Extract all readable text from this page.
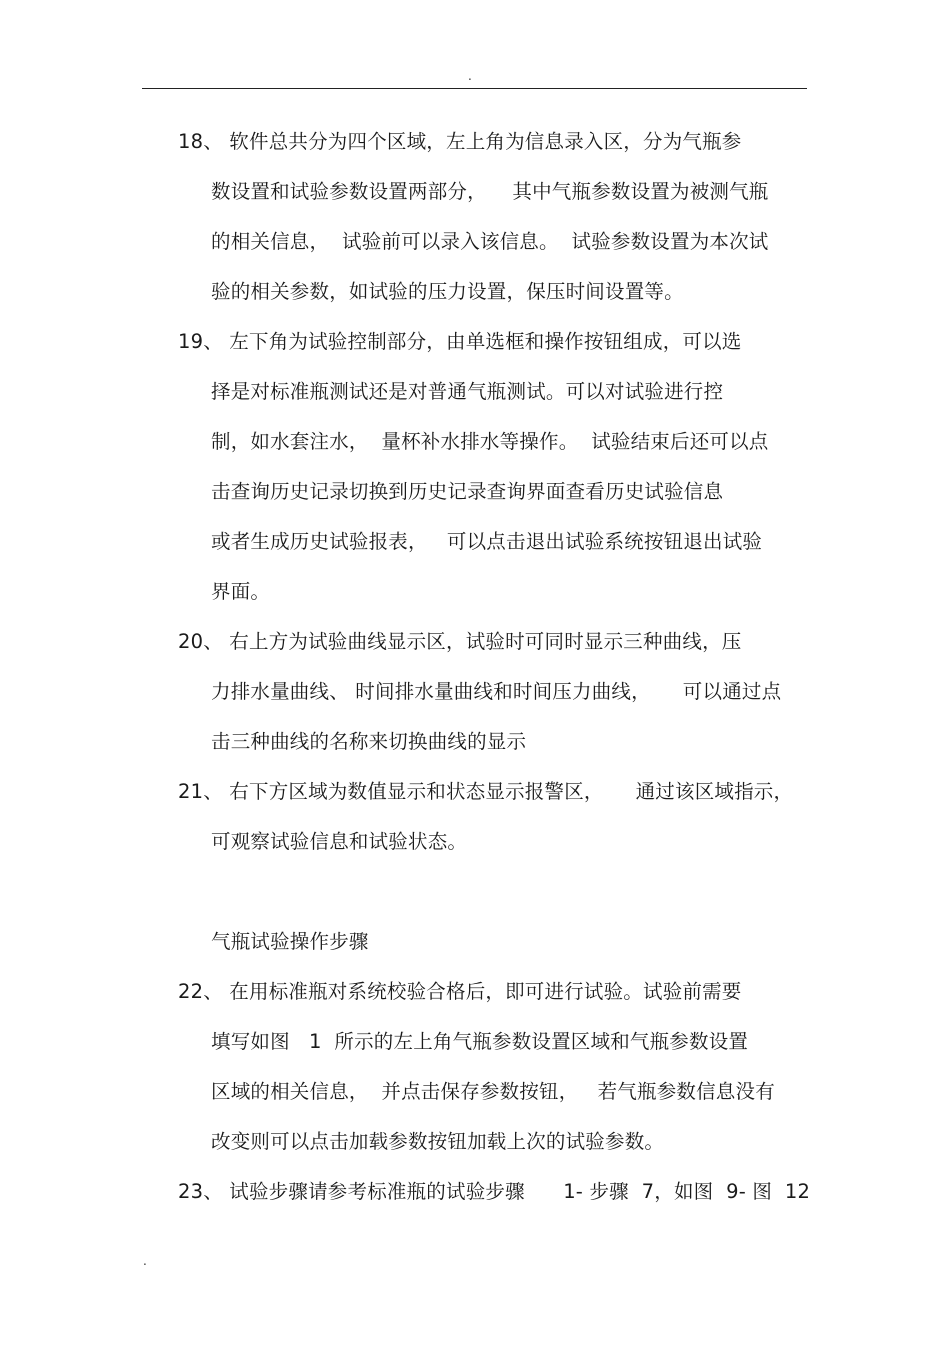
.
18、 软件总共分为四个区域，左上角为信息录入区，分为气瓶参
数设置和试验参数设置两部分，    其中气瓶参数设置为被测气瓶
的相关信息，  试验前可以录入该信息。  试验参数设置为本次试
验的相关参数，如试验的压力设置，保压时间设置等。
19、 左下角为试验控制部分，由单选框和操作按钮组成，可以选
择是对标准瓶测试还是对普通气瓶测试。可以对试验进行控
制，如水套注水，  量杯补水排水等操作。  试验结束后还可以点
击查询历史记录切换到历史记录查询界面查看历史试验信息
或者生成历史试验报表，   可以点击退出试验系统按钮退出试验
界面。
20、 右上方为试验曲线显示区，试验时可同时显示三种曲线，压
力排水量曲线、 时间排水量曲线和时间压力曲线，     可以通过点
击三种曲线的名称来切换曲线的显示
21、 右下方区域为数值显示和状态显示报警区，     通过该区域指示，
可观察试验信息和试验状态。
气瓶试验操作步骤
22、 在用标准瓶对系统校验合格后，即可进行试验。试验前需要
填写如图   1  所示的左上角气瓶参数设置区域和气瓶参数设置
区域的相关信息，  并点击保存参数按钮，   若气瓶参数信息没有
改变则可以点击加载参数按钮加载上次的试验参数。
23、 试验步骤请参考标准瓶的试验步骤      1- 步骤  7，如图  9- 图  12
.
